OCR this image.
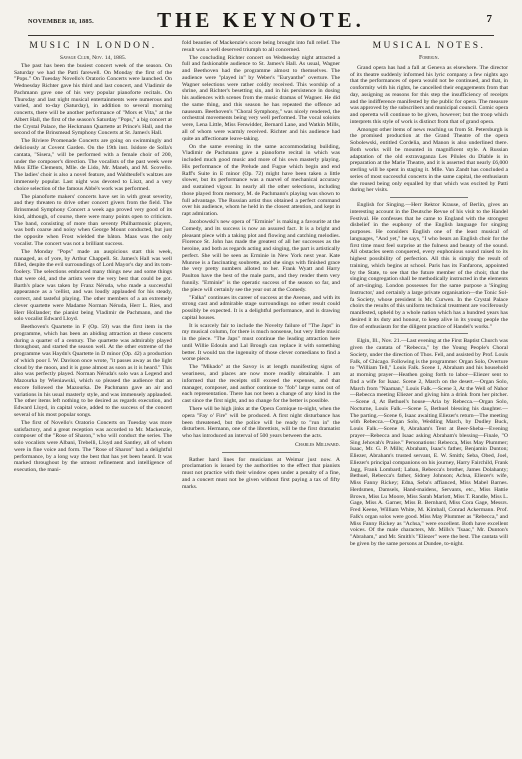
NOVEMBER 18, 1885.	THE KEYNOTE.	7
MUSIC IN LONDON.

Savage Club, Nov. 14, 1885.

The past has been the busiest concert week of the season. On Saturday we had the Patti farewell. On Monday the first of the "Pops." On Tuesday Novello's Oratorio Concerts were launched. On Wednesday Richter gave his third and last concert, and Vladimir de Pachmann gave one of his very popular pianoforte recitals. On Thursday and last night musical entertainments were numerous and varied, and to-day (Saturday), in addition to several morning concerts, there will be another performance of "Mors et Vita," at the Albert Hall, the first of the season's Saturday "Pops," a big concert at the Crystal Palace, the Heckmann Quartette at Prince's Hall, and the second of the Brinsmead Symphony Concerts at St. James's Hall.

The Riviere Promenade Concerts are going on swimmingly and deliciously at Covent Garden. On the 19th inst. Isidore de Solla's cantata, "Sisera," will be performed with a female choir of 200, under the composer's direction. The vocalists of the past week were Miss Effie Clements, Mlle. de Lido, Mr. Maneh, and M. Scovello. The ladies' choir is also a novel feature, and Waldteufel's waltzes are immensely popular. Last night was devoted to Liszt, and a very choice selection of the famous Abbé's work was performed.

The pianoforte makers' concerts have set in with great severity, and they threaten to drive other concert givers from the field. The Brinsmead Symphony Concert a week ago proved very good of its kind, although, of course, there were many points open to criticism. The band, consisting of more than seventy Philharmonic players, was both coarse and noisy when George Mount conducted, but just the opposite when Frost wielded the bâton. Maas was the only vocalist. The concert was not a brilliant success.

The Monday "Pops" made an auspicious start this week, managed, as of yore, by Arthur Chappell. St. James's Hall was well filled, despite the evil surroundings of Lord Mayor's day and its tom-foolery. The selections embraced many things new and some things that were old, and the artists were the very best that could be got. Barth's place was taken by Franz Néruda, who made a successful appearance as a 'cellist, and was loudly applauded for his steady, correct, and tasteful playing. The other members of a an extremely clever quartette were Madame Norman Néruda, Herr L. Ries, and Herr Hollander; the pianist being Vladimir de Pachmann, and the solo vocalist Edward Lloyd.

Beethoven's Quartette in F (Op. 59) was the first item in the programme, which has been an abiding attraction at these concerts during a quarter of a century. The quartette was admirably played throughout, and started the season well. At the other extreme of the programme was Haydn's Quartette in D minor (Op. 42) a production of which poor I. W. Davison once wrote, "it passes away as the light cloud by the moon, and it is gone almost as soon as it is heard." This also was perfectly played. Norman Néruda's solo was a Legend and Mazourka by Wieniawski, which so pleased the audience that an encore followed the Mazourka. De Pachmann gave an air and variations in his usual masterly style, and was immensely applauded. The other items left nothing to be desired as regards execution, and Edward Lloyd, in capital voice, added to the success of the concert several of his most popular songs.

The first of Novello's Oratorio Concerts on Tuesday was more satisfactory, and a great reception was accorded to Mr. Mackenzie, composer of the "Rose of Sharon," who will conduct the series. The solo vocalists were Albani, Trebelli, Lloyd and Santley, all of whom were in fine voice and form. The "Rose of Sharon" had a delightful performance, by a long way the best that has yet been heard. It was marked throughout by the utmost refinement and intelligence of execution, the mani-

fold beauties of Mackenzie's score being brought into full relief. The result was a well deserved triumph to all concerned.

The concluding Richter concert on Wednesday night attracted a full and fashionable audience to St. James's Hall. As usual, Wagner and Beethoven had the programme almost to themselves. The audience were "played in" by Weber's "Euryanthe" overture. The Wagner selections were rather coldly received. This worship of a shrine, and Richter's besetting sin, and in his persistence in dosing his audiences with scenes from the music dramas of Wagner. He did the same thing, and this season he has repeated the offence ad nauseam. Beethoven's "Choral Symphony," was nicely rendered, the orchestral movements being very well performed. The vocal soloists were, Lena Little, Miss Fenwidder, Bernard Lane, and Watkin Mills, all of whom were warmly received. Richter and his audience had quite an affectionate leave-taking.

On the same evening in the same accommodating building, Vladimir de Pachmann gave a pianoforte recital in which was included much good music and more of his own masterly playing. His performance of the Prelude and Fugue which begin and end Raff's Suite in E minor (Op. 72) might have been taken a little slower, but its performance was a marvel of mechanical accuracy and sustained vigour. In nearly all the other selections, including those played from memory, M. de Pachmann's playing was shown to full advantage. The Russian artist thus obtained a perfect command over his audience, whom he held in the closest attention, and kept in rapt admiration.

Jacobowski's new opera of "Erminie" is making a favourite at the Comedy, and its success is now an assured fact. It is a bright and pleasant piece with a taking plot and flowing and catching melodies. Florence St. John has made the greatest of all her successes as the heroine, and both as regards acting and singing, the part is artistically perfect. She will be seen as Erminie in New York next year. Kate Munroe is a fascinating soubrette, and she sings with finished grace the very pretty numbers alloted to her. Frank Wyatt and Harry Paulton have the best of the male parts, and they render them very funnily. "Erminie" is the operatic success of the season so far, and the piece will certainly see the year out at the Comedy.

"Falka" continues its career of success at the Avenue, and with its strong cast and admirable stage surroundings no other result could possibly be expected. It is a delightful performance, and is drawing capital houses.

It is scarcely fair to include the Novelty failure of "The Japs" in my musical column, for there is much nonsense, but very little music in the piece. "The Japs" must continue the leading attraction here until Willie Edouin and Lal Brough can replace it with something better. It would tax the ingenuity of those clever comedians to find a worse piece.

The "Mikado" at the Savoy is at length manifesting signs of weariness, and places are now more readily obtainable. I am informed that the receipts still exceed the expenses, and that manager, composer, and author continue to "fob" large sums out of each representation. There has not been a change of any kind in the cast since the first night, and no change for the better is possible.

There will be high jinks at the Opera Comique to-night, when the opera "Fay o' Fire" will be produced. A first night disturbance has been threatened, but the police will be ready to "run in" the disturbers. Hermann, one of the librettists, will be the first dramatist who has introduced an interval of 500 years between the acts.

Charles Millward.

Rather hard lines for musicians at Weimar just now. A proclamation is issued by the authorities to the effect that pianists must not practice with their window open under a penalty of a fine, and a concert must not be given without first paying a tax of fifty marks.

MUSICAL NOTES.
Foreign.

Grand opera has had a fall at Geneva as elsewhere. The director of its theatre suddenly informed his lyric company a few nights ago that the performances of opera would not be continued, and that, in conformity with his rights, he cancelled their engagements from that day, assigning as reasons for this step the insufficiency of receipts and the indifference manifested by the public for opera. The measure was approved by the subscribers and municipal council. Comic opera and operetta will continue to be given, however; but the troop which interprets this style of work is distinct from that of grand opera.

Amongst other items of news reaching us from St. Petersburgh is the promised production at the Grand Theatre of the opera Sobolewski, entitled Cordelia, and Manon is also underlined there. Both works will be mounted in magnificent style. A Russian adaptation of the old extravaganza Les Pilules du Diable is in preparation at the Marie Theatre, and it is asserted that nearly £6,000 sterling will be spent in staging it. Mlle. Van Zandt has concluded a series of most successful concerts in the same capital, the enthusiasm she roused being only equalled by that which was excited by Patti during her visits.

English for Singing.—Herr Rektor Krause, of Berlin, gives an interesting account in the Deutsche Revue of his visit to the Handel Festival. He confesses that he came to England with the strongest disbelief in the euphony of the English language for singing purposes. He considers English one of the least musical of languages, "And yet," he says, "I who bears an English choir for the first time must feel surprise at the fulness and beauty of the sound. All obstacles seem conquered, every euphonious sound raised to its highest possibility of perfection. All this is simply the result of training, which begins at school. Paris has its Fanfarons, appointed by the State, to see that the future member of the choir, that the singing congregation shall be methodically instructed in the elements of art-singing. London possesses for the same purpose a 'Singing Instructor,' and certainly a large private organisation—the Tonic Sol-fa Society, whose president is Mr. Curwen. In the Crystal Palace choirs the results of this uniform technical treatment are vociferously manifested, upheld by a whole nation which has a hundred years has desired it its duty and honour, to keep alive in its young people the fire of enthusiasm for the diligent practice of Handel's works."

Elgin, Ill., Nov. 21.—Last evening at the First Baptist Church was given the cantata of "Rebecca," by the Young People's Choral Society, under the direction of Thos. Fell, and assisted by Prof. Louis Falk, of Chicago. Following is the programme: Organ Solo, Overture to "William Tell," Louis Falk. Scene 1, Abraham and his household at morning prayer—Heathen going forth to labor—Eliezer sent to find a wife for Isaac. Scene 2, March on the desert.—Organ Solo, March from "Naaman," Louis Falk.—Scene 3, At the Well of Nahor—Rebecca meeting Eliezer and giving him a drink from her pitcher.—Scene 4, At Bethuel's house—Aria by Rebecca.—Organ Solo, Nocturne, Louis Falk.—Scene 5, Bethuel blessing his daughter.—The parting.—Scene 6, Isaac awaiting Eliezer's return—The meeting with Rebecca.—Organ Solo, Wedding March, by Dudley Buck, Louis Falk.—Scene 8, Abraham's Tent at Beer-Sheba—Evening prayer—Rebecca and Isaac asking Abraham's blessing—Finale, "O Sing Jehovah's Praise." Personations: Rebecca, Miss May Plummer; Isaac, Mr. G. P. Mills; Abraham, Isaac's father, Benjamin Dunton; Eliezer, Abraham's trusted servant, E. W. Smith; Seba, Obed, Joel, Eliezer's principal companions on his journey, Harry Fairchild, Frank Jagg, Frank Lombard; Laban, Rebecca's brother, James Dolahanty; Bethuel, Rebecca's father, Sidney Johnson; Achsa, Eliezer's wife, Miss Fanny Rickey; Edna, Seba's affianced, Miss Mabel Barnes. Herdsmen, Damsels, Hand-maidens, Servants, etc., Miss Hattie Brown, Miss Lu Moore, Miss Sarah Marlott, Miss T. Randle, Miss L. Gage, Miss A. Garner, Miss B. Bernhard, Miss Cora Gage, Messrs. Fred Keene, William White, M. Kimball, Conrad Ackermann. Prof. Falk's organ solos were good. Miss May Plummer as "Rebecca," and Miss Fanny Rickey as "Achsa," were excellent. Both have excellent voices. Of the male characters, Mr. Mills's "Isaac," Mr. Dunton's "Abraham," and Mr. Smith's "Eliezer" were the best. The cantata will be given by the same persons at Dundee, to-night.
